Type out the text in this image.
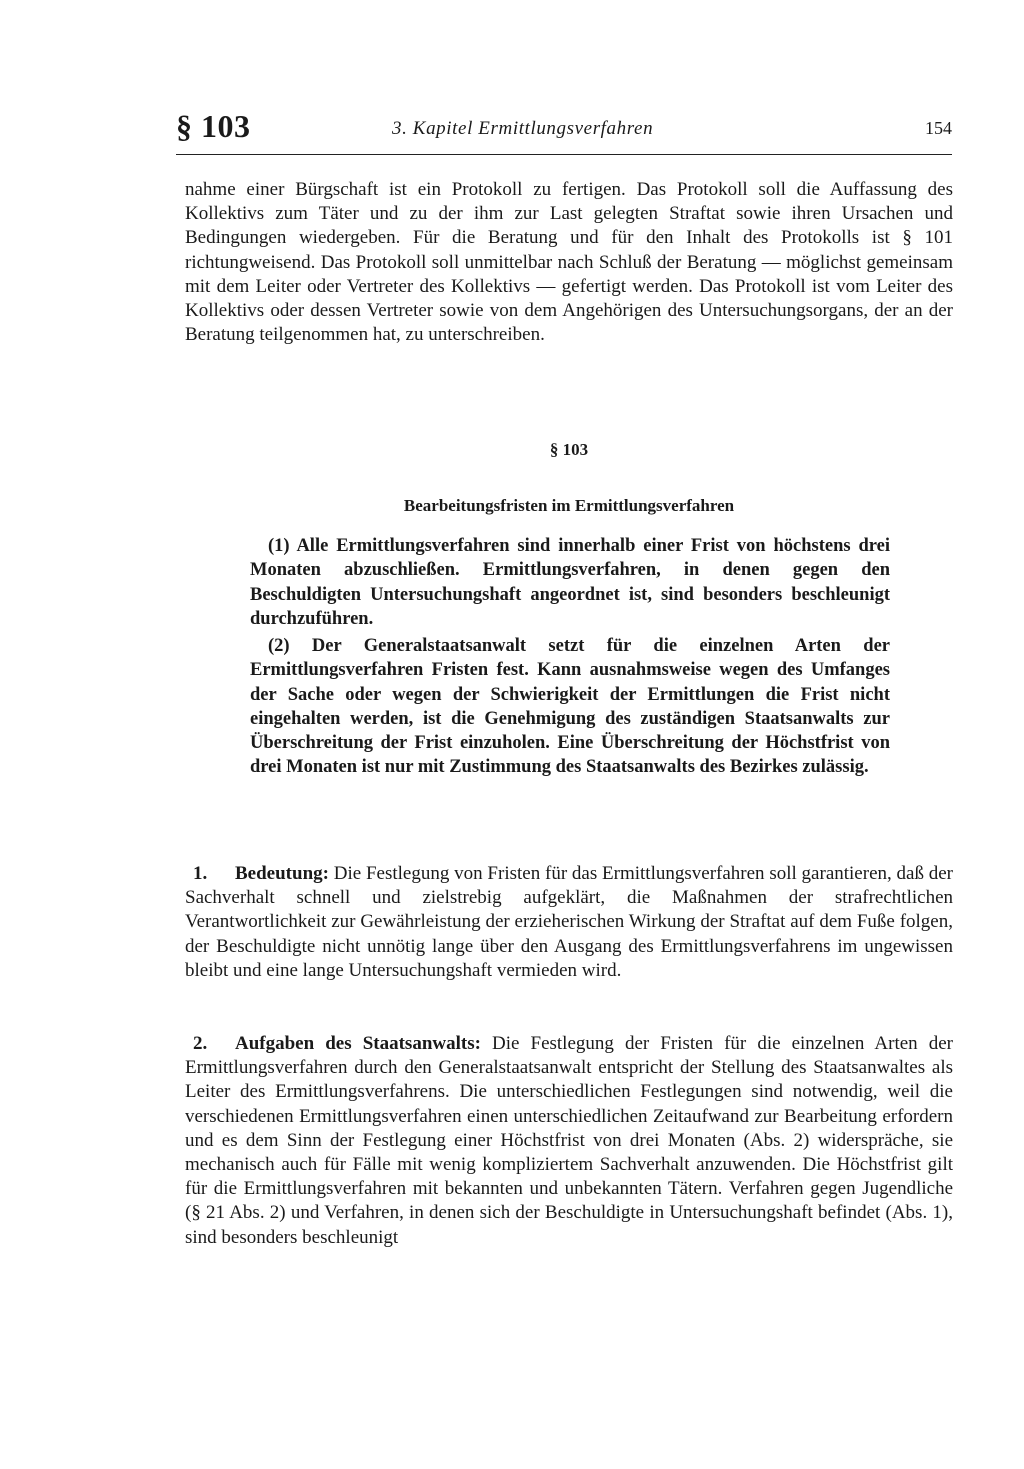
§ 103	3. Kapitel Ermittlungsverfahren	154

nahme einer Bürgschaft ist ein Protokoll zu fertigen. Das Protokoll soll die Auffassung des Kollektivs zum Täter und zu der ihm zur Last gelegten Straftat sowie ihren Ursachen und Bedingungen wiedergeben. Für die Beratung und für den Inhalt des Protokolls ist § 101 richtungweisend. Das Protokoll soll unmittelbar nach Schluß der Beratung — möglichst gemeinsam mit dem Leiter oder Vertreter des Kollektivs — gefertigt werden. Das Protokoll ist vom Leiter des Kollektivs oder dessen Vertreter sowie von dem Angehörigen des Untersuchungsorgans, der an der Beratung teilgenommen hat, zu unterschreiben.

§ 103
Bearbeitungsfristen im Ermittlungsverfahren

(1) Alle Ermittlungsverfahren sind innerhalb einer Frist von höchstens drei Monaten abzuschließen. Ermittlungsverfahren, in denen gegen den Beschuldigten Untersuchungshaft angeordnet ist, sind besonders beschleunigt durchzuführen.

(2) Der Generalstaatsanwalt setzt für die einzelnen Arten der Ermittlungsverfahren Fristen fest. Kann ausnahmsweise wegen des Umfanges der Sache oder wegen der Schwierigkeit der Ermittlungen die Frist nicht eingehalten werden, ist die Genehmigung des zuständigen Staatsanwalts zur Überschreitung der Frist einzuholen. Eine Überschreitung der Höchstfrist von drei Monaten ist nur mit Zustimmung des Staatsanwalts des Bezirkes zulässig.

1. Bedeutung: Die Festlegung von Fristen für das Ermittlungsverfahren soll garantieren, daß der Sachverhalt schnell und zielstrebig aufgeklärt, die Maßnahmen der strafrechtlichen Verantwortlichkeit zur Gewährleistung der erzieherischen Wirkung der Straftat auf dem Fuße folgen, der Beschuldigte nicht unnötig lange über den Ausgang des Ermittlungsverfahrens im ungewissen bleibt und eine lange Untersuchungshaft vermieden wird.

2. Aufgaben des Staatsanwalts: Die Festlegung der Fristen für die einzelnen Arten der Ermittlungsverfahren durch den Generalstaatsanwalt entspricht der Stellung des Staatsanwaltes als Leiter des Ermittlungsverfahrens. Die unterschiedlichen Festlegungen sind notwendig, weil die verschiedenen Ermittlungsverfahren einen unterschiedlichen Zeitaufwand zur Bearbeitung erfordern und es dem Sinn der Festlegung einer Höchstfrist von drei Monaten (Abs. 2) widerspräche, sie mechanisch auch für Fälle mit wenig kompliziertem Sachverhalt anzuwenden. Die Höchstfrist gilt für die Ermittlungsverfahren mit bekannten und unbekannten Tätern. Verfahren gegen Jugendliche (§ 21 Abs. 2) und Verfahren, in denen sich der Beschuldigte in Untersuchungshaft befindet (Abs. 1), sind besonders beschleunigt
